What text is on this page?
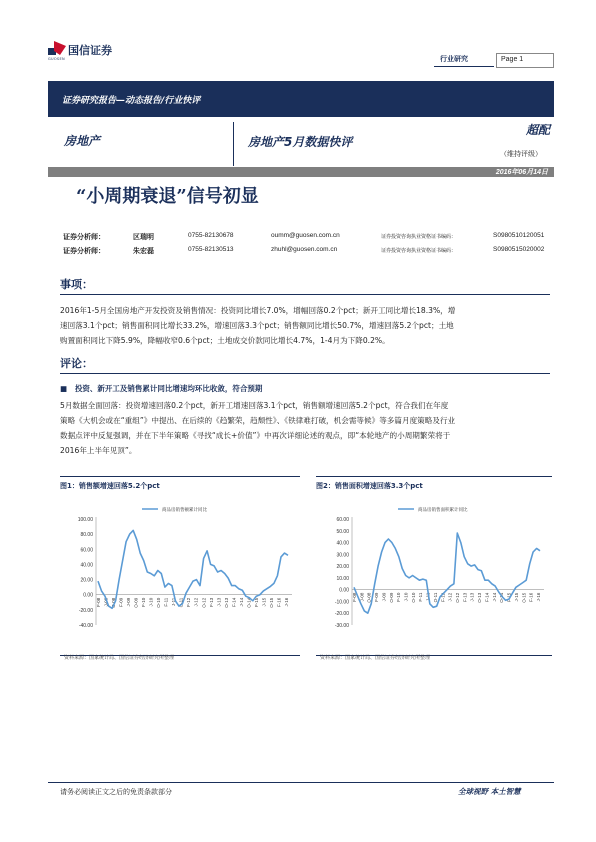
国信证券
GUOSEN	行业研究	Page 1
证券研究报告—动态报告/行业快评
房地产	房地产5月数据快评
超配
（维持评级）
2016年06月14日
“小周期衰退”信号初显
证券分析师：	区瑞明	0755-82130678	oumm@guosen.com.cn	证券投资咨询执业资格证书编码：	S0980510120051
证券分析师：	朱宏磊	0755-82130513	zhuhl@guosen.com.cn	证券投资咨询执业资格证书编码：	S0980515020002
事项：
2016年1-5月全国房地产开发投资及销售情况：投资同比增长7.0%，增幅回落0.2个pct；新开工同比增长18.3%，增
速回落3.1个pct；销售面积同比增长33.2%，增速回落3.3个pct；销售额同比增长50.7%，增速回落5.2个pct；土地
购置面积同比下降5.9%，降幅收窄0.6个pct；土地成交价款同比增长4.7%，1-4月为下降0.2%。
评论：
■ 投资、新开工及销售累计同比增速均环比收敛，符合预期
5月数据全面回落：投资增速回落0.2个pct，新开工增速回落3.1个pct，销售额增速回落5.2个pct，符合我们在年度
策略《大机会或在“重组”》中提出、在后续的《趋繁荣，趋颓性》、《铁律难打破，机会需等候》等多篇月度策略及行业
数据点评中反复强调，并在下半年策略《寻找“成长+价值”》中再次详细论述的观点，即“本轮地产的小周期繁荣将于
2016年上半年见顶”。
图1：销售额增速回落5.2个pct
商品房销售额累计同比
100.00
80.00
60.00
40.00
20.00
0.00
-20.00
-40.00
F-08 J-08 O-08 F-09 J-09 O-09 F-10 J-10 O-10 F-11 J-11 O-11 F-12 J-12 O-12 F-13 J-13 O-13 F-14 J-14 O-14 F-15 J-15 O-15 F-16 J-16
资料来源：国家统计局、国信证券经济研究所整理
图2：销售面积增速回落3.3个pct
商品房销售面积累计同比
60.00
50.00
40.00
30.00
20.00
10.00
0.00
-10.00
-20.00
-30.00
F-08 J-08 O-08 F-09 J-09 O-09 F-10 J-10 O-10 F-11 J-11 O-11 F-12 J-12 O-12 F-13 J-13 O-13 F-14 J-14 O-14 F-15 J-15 O-15 F-16 J-16
资料来源：国家统计局、国信证券经济研究所整理
请务必阅读正文之后的免责条款部分	全球视野 本土智慧
